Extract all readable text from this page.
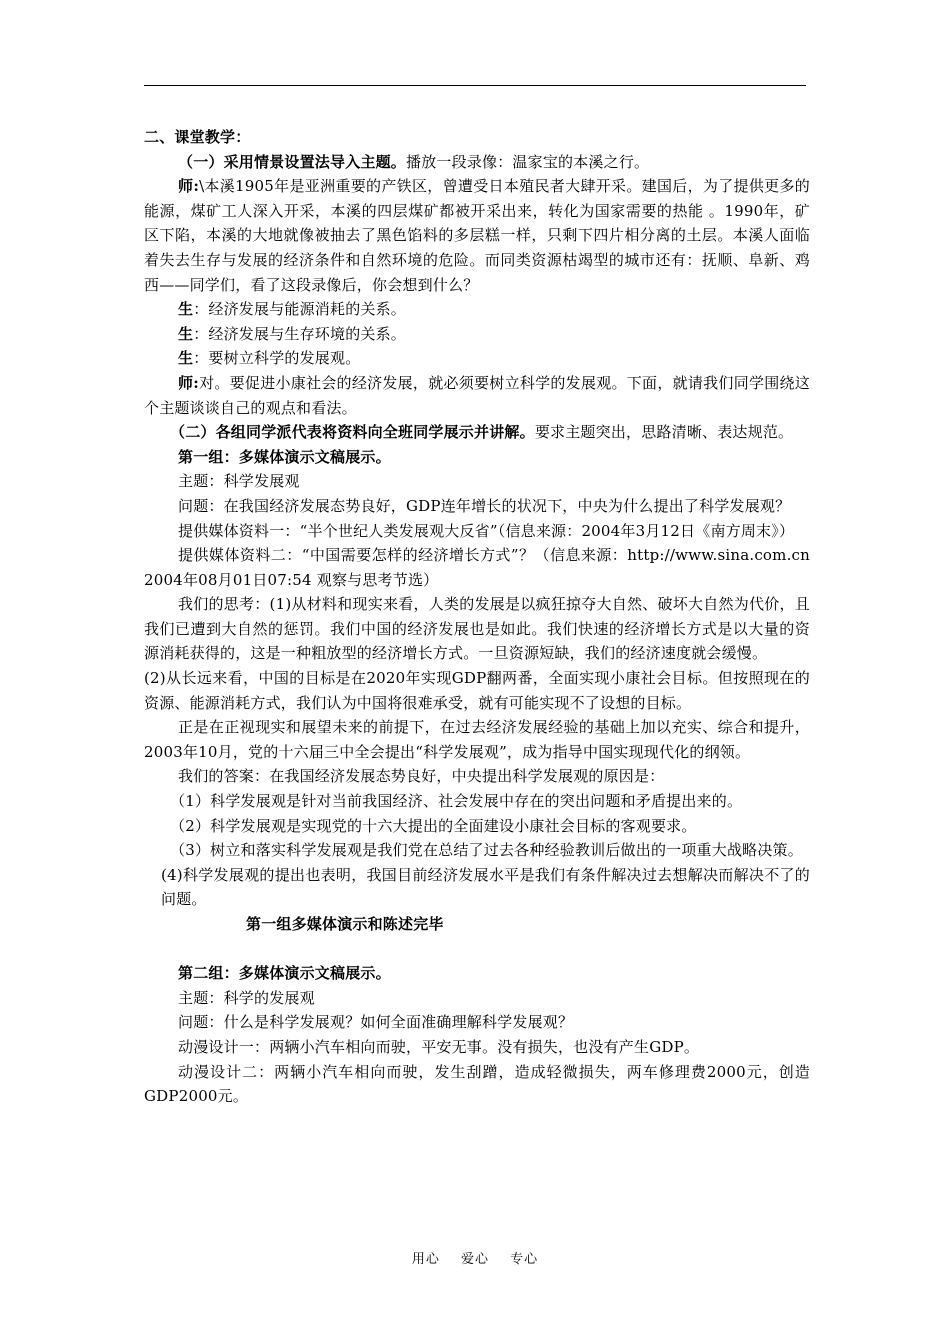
二、课堂教学：

（一）采用情景设置法导入主题。播放一段录像：温家宝的本溪之行。

师:\本溪1905年是亚洲重要的产铁区，曾遭受日本殖民者大肆开采。建国后，为了提供更多的能源，煤矿工人深入开采，本溪的四层煤矿都被开采出来，转化为国家需要的热能 。1990年，矿区下陷，本溪的大地就像被抽去了黑色馅料的多层糕一样，只剩下四片相分离的土层。本溪人面临着失去生存与发展的经济条件和自然环境的危险。而同类资源枯竭型的城市还有：抚顺、阜新、鸡西——同学们，看了这段录像后，你会想到什么？

生：经济发展与能源消耗的关系。

生：经济发展与生存环境的关系。

生：要树立科学的发展观。

师:对。要促进小康社会的经济发展，就必须要树立科学的发展观。下面，就请我们同学围绕这个主题谈谈自己的观点和看法。

（二）各组同学派代表将资料向全班同学展示并讲解。要求主题突出，思路清晰、表达规范。

第一组：多媒体演示文稿展示。

主题：科学发展观

问题：在我国经济发展态势良好，GDP连年增长的状况下，中央为什么提出了科学发展观？

提供媒体资料一：“半个世纪人类发展观大反省”（信息来源：2004年3月12日《南方周末》）

提供媒体资料二：“中国需要怎样的经济增长方式”？（信息来源：http://www.sina.com.cn 2004年08月01日07:54 观察与思考节选）

我们的思考：(1)从材料和现实来看，人类的发展是以疯狂掠夺大自然、破坏大自然为代价，且我们已遭到大自然的惩罚。我们中国的经济发展也是如此。我们快速的经济增长方式是以大量的资源消耗获得的，这是一种粗放型的经济增长方式。一旦资源短缺，我们的经济速度就会缓慢。

(2)从长远来看，中国的目标是在2020年实现GDP翻两番，全面实现小康社会目标。但按照现在的资源、能源消耗方式，我们认为中国将很难承受，就有可能实现不了设想的目标。

正是在正视现实和展望未来的前提下，在过去经济发展经验的基础上加以充实、综合和提升，2003年10月，党的十六届三中全会提出“科学发展观”，成为指导中国实现现代化的纲领。

我们的答案：在我国经济发展态势良好，中央提出科学发展观的原因是：

（1）科学发展观是针对当前我国经济、社会发展中存在的突出问题和矛盾提出来的。

（2）科学发展观是实现党的十六大提出的全面建设小康社会目标的客观要求。

（3）树立和落实科学发展观是我们党在总结了过去各种经验教训后做出的一项重大战略决策。

(4)科学发展观的提出也表明，我国目前经济发展水平是我们有条件解决过去想解决而解决不了的问题。

第一组多媒体演示和陈述完毕

第二组：多媒体演示文稿展示。

主题：科学的发展观

问题：什么是科学发展观？如何全面准确理解科学发展观？

动漫设计一：两辆小汽车相向而驶，平安无事。没有损失，也没有产生GDP。

动漫设计二：两辆小汽车相向而驶，发生刮蹭，造成轻微损失，两车修理费2000元，创造GDP2000元。

用心 爱心 专心
